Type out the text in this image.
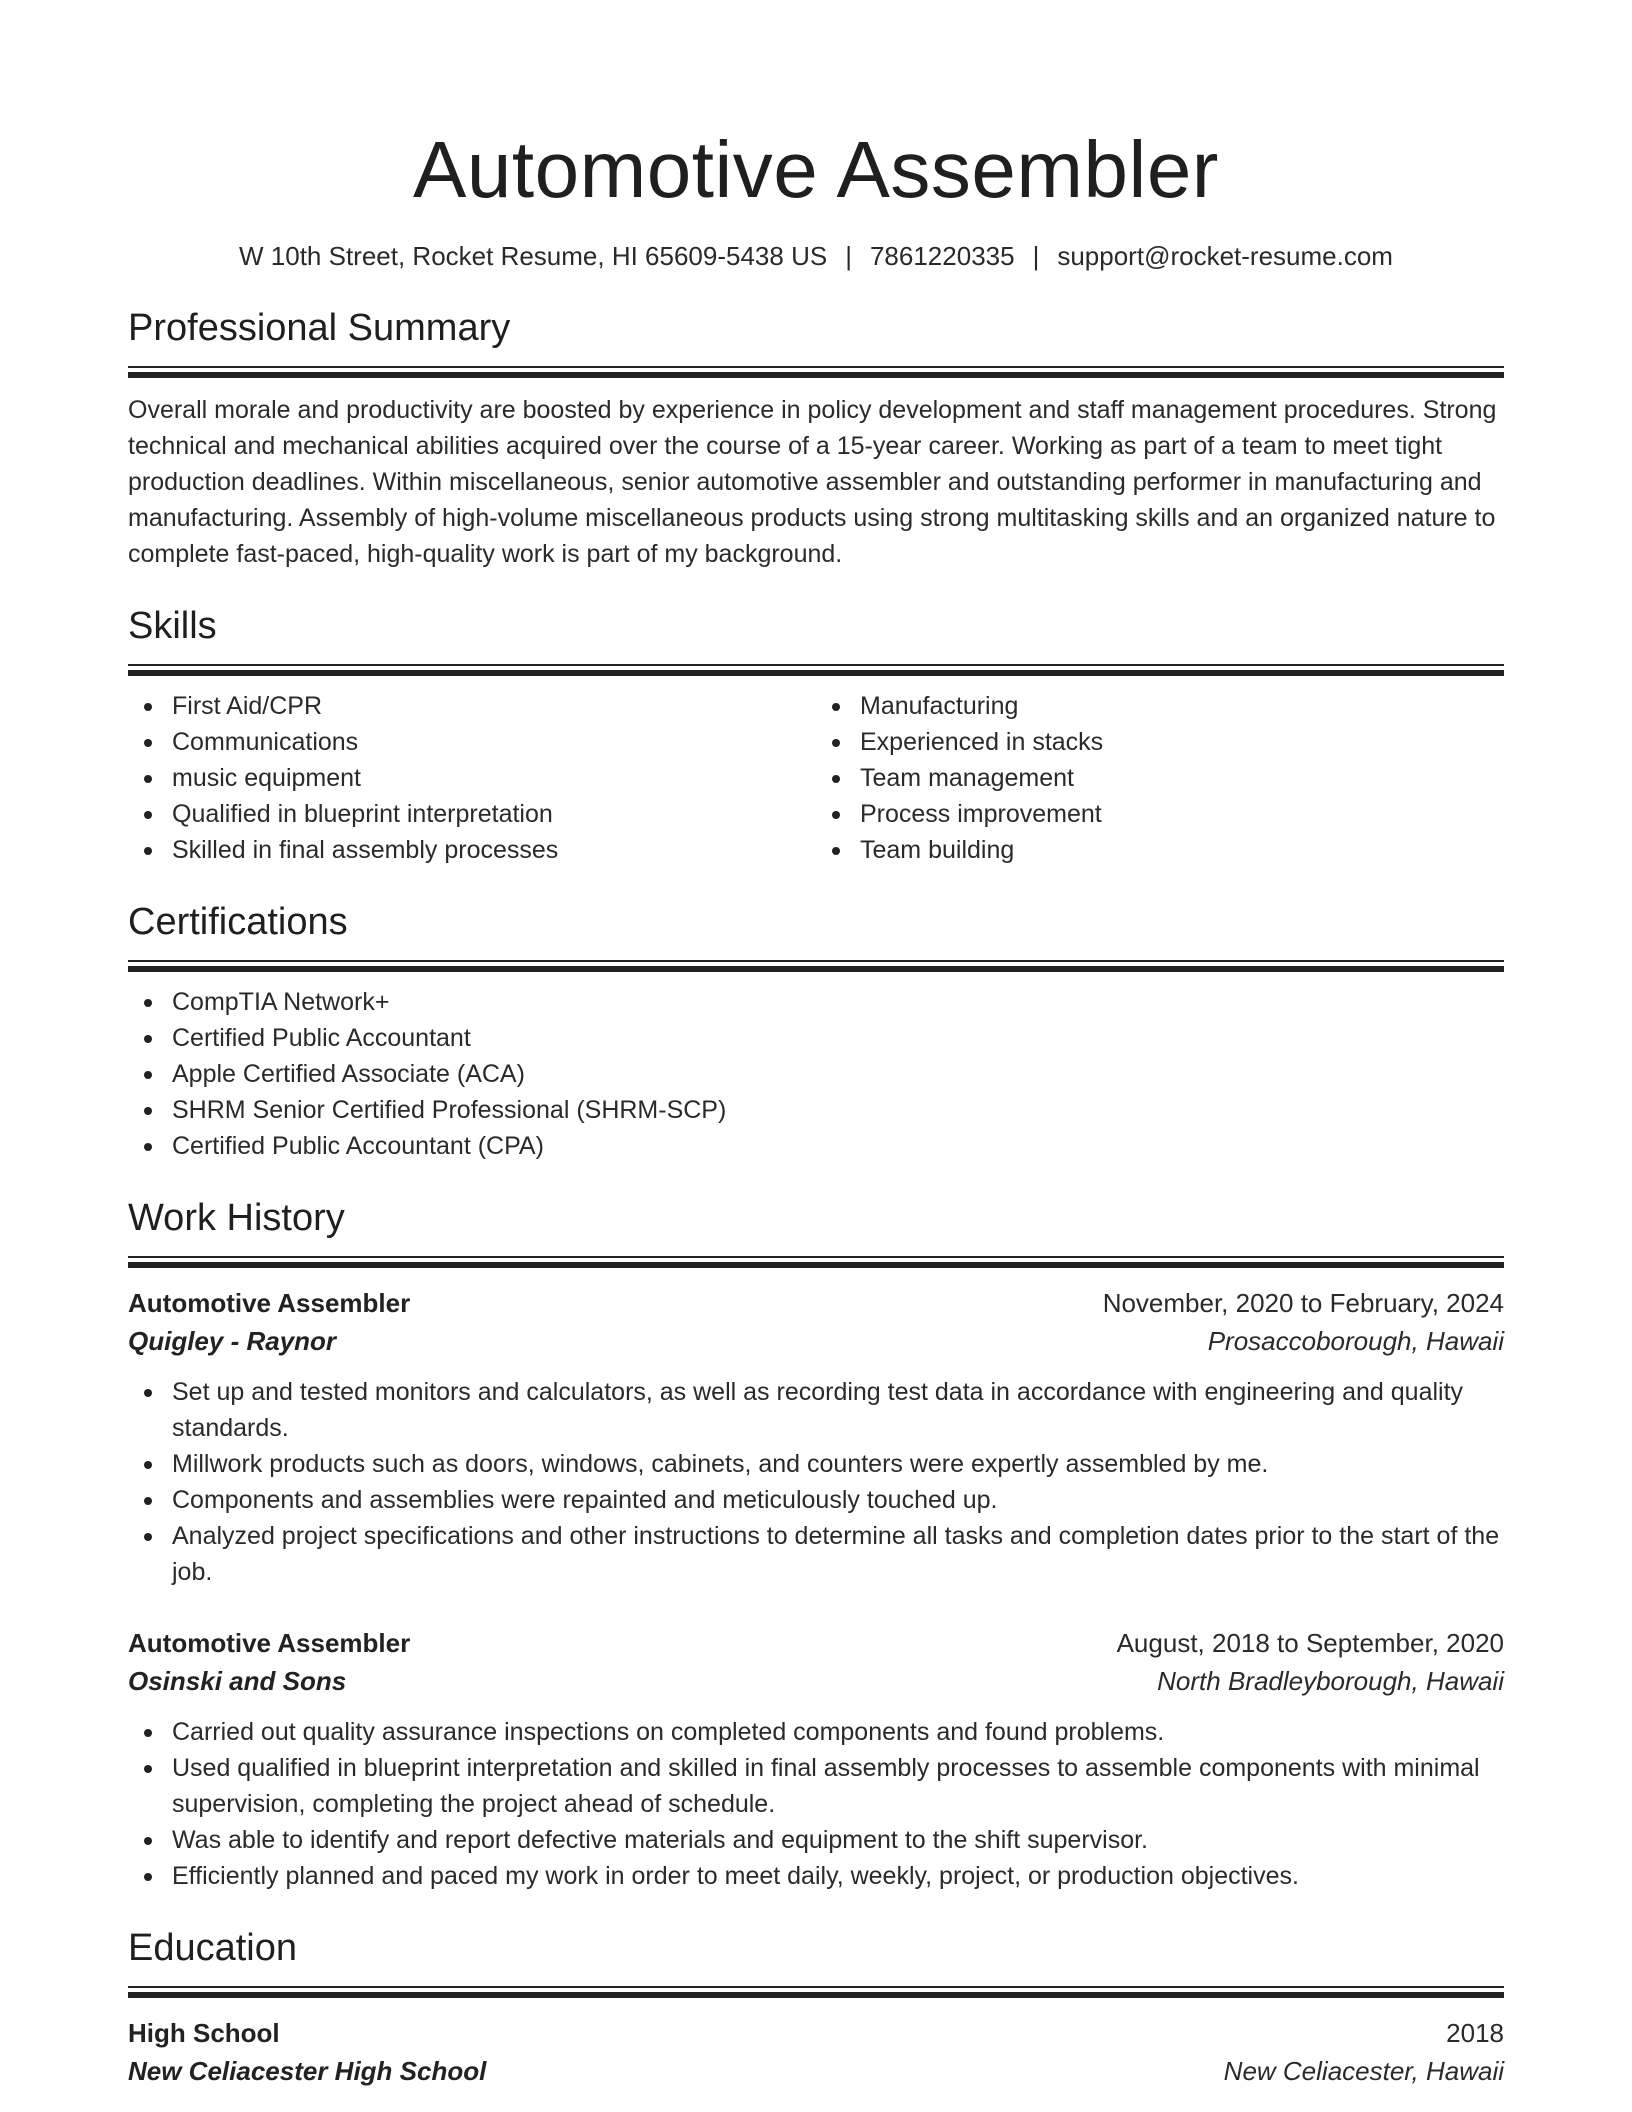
Automotive Assembler
W 10th Street, Rocket Resume, HI 65609-5438 US | 7861220335 | support@rocket-resume.com
Professional Summary

Overall morale and productivity are boosted by experience in policy development and staff management procedures. Strong technical and mechanical abilities acquired over the course of a 15-year career. Working as part of a team to meet tight production deadlines. Within miscellaneous, senior automotive assembler and outstanding performer in manufacturing and manufacturing. Assembly of high-volume miscellaneous products using strong multitasking skills and an organized nature to complete fast-paced, high-quality work is part of my background.

Skills
First Aid/CPR
Communications
music equipment
Qualified in blueprint interpretation
Skilled in final assembly processes
Manufacturing
Experienced in stacks
Team management
Process improvement
Team building
Certifications
CompTIA Network+
Certified Public Accountant
Apple Certified Associate (ACA)
SHRM Senior Certified Professional (SHRM-SCP)
Certified Public Accountant (CPA)
Work History
Automotive Assembler	November, 2020 to February, 2024
Quigley - Raynor	Prosaccoborough, Hawaii
Set up and tested monitors and calculators, as well as recording test data in accordance with engineering and quality standards.
Millwork products such as doors, windows, cabinets, and counters were expertly assembled by me.
Components and assemblies were repainted and meticulously touched up.
Analyzed project specifications and other instructions to determine all tasks and completion dates prior to the start of the job.
Automotive Assembler	August, 2018 to September, 2020
Osinski and Sons	North Bradleyborough, Hawaii
Carried out quality assurance inspections on completed components and found problems.
Used qualified in blueprint interpretation and skilled in final assembly processes to assemble components with minimal supervision, completing the project ahead of schedule.
Was able to identify and report defective materials and equipment to the shift supervisor.
Efficiently planned and paced my work in order to meet daily, weekly, project, or production objectives.
Education
High School	2018
New Celiacester High School	New Celiacester, Hawaii
